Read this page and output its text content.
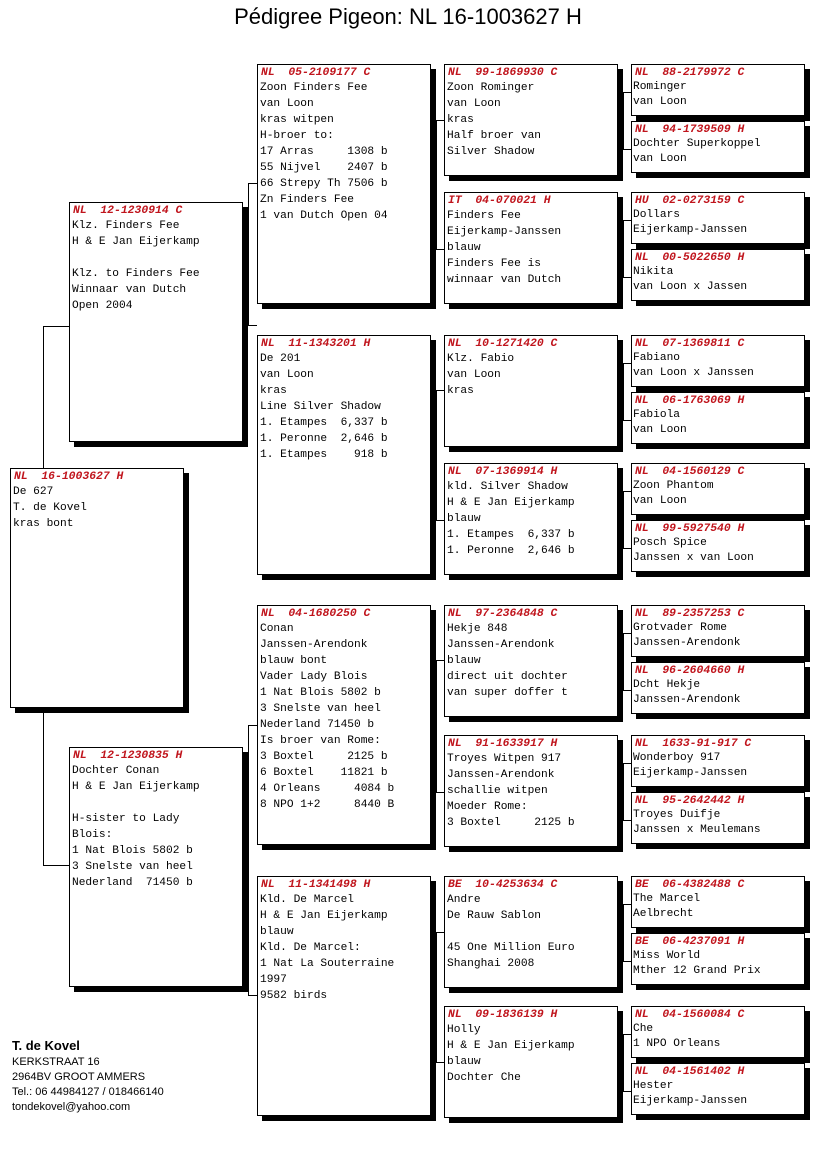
Pédigree Pigeon: NL 16-1003627 H
NL  16-1003627 H
De 627
T. de Kovel
kras bont
NL  12-1230914 C
Klz. Finders Fee
H & E Jan Eijerkamp

Klz. to Finders Fee
Winnaar van Dutch
Open 2004
NL  12-1230835 H
Dochter Conan
H & E Jan Eijerkamp

H-sister to Lady
Blois:
1 Nat Blois 5802 b
3 Snelste van heel
Nederland  71450 b
NL  05-2109177 C
Zoon Finders Fee
van Loon
kras witpen
H-broer to:
17 Arras     1308 b
55 Nijvel    2407 b
66 Strepy Th 7506 b
Zn Finders Fee
1 van Dutch Open 04
NL  11-1343201 H
De 201
van Loon
kras
Line Silver Shadow
1. Etampes  6,337 b
1. Peronne  2,646 b
1. Etampes    918 b
NL  04-1680250 C
Conan
Janssen-Arendonk
blauw bont
Vader Lady Blois
1 Nat Blois 5802 b
3 Snelste van heel
Nederland 71450 b
Is broer van Rome:
3 Boxtel     2125 b
6 Boxtel    11821 b
4 Orleans     4084 b
8 NPO 1+2     8440 B
NL  11-1341498 H
Kld. De Marcel
H & E Jan Eijerkamp
blauw
Kld. De Marcel:
1 Nat La Souterraine
1997
9582 birds
NL  99-1869930 C
Zoon Rominger
van Loon
kras
Half broer van
Silver Shadow
IT  04-070021 H
Finders Fee
Eijerkamp-Janssen
blauw
Finders Fee is
winnaar van Dutch
NL  10-1271420 C
Klz. Fabio
van Loon
kras
NL  07-1369914 H
kld. Silver Shadow
H & E Jan Eijerkamp
blauw
1. Etampes  6,337 b
1. Peronne  2,646 b
NL  97-2364848 C
Hekje 848
Janssen-Arendonk
blauw
direct uit dochter
van super doffer t
NL  91-1633917 H
Troyes Witpen 917
Janssen-Arendonk
schallie witpen
Moeder Rome:
3 Boxtel     2125 b
BE  10-4253634 C
Andre
De Rauw Sablon

45 One Million Euro
Shanghai 2008
NL  09-1836139 H
Holly
H & E Jan Eijerkamp
blauw
Dochter Che
NL  88-2179972 C
Rominger
van Loon
NL  94-1739509 H
Dochter Superkoppel
van Loon
HU  02-0273159 C
Dollars
Eijerkamp-Janssen
NL  00-5022650 H
Nikita
van Loon x Jassen
NL  07-1369811 C
Fabiano
van Loon x Janssen
NL  06-1763069 H
Fabiola
van Loon
NL  04-1560129 C
Zoon Phantom
van Loon
NL  99-5927540 H
Posch Spice
Janssen x van Loon
NL  89-2357253 C
Grotvader Rome
Janssen-Arendonk
NL  96-2604660 H
Dcht Hekje
Janssen-Arendonk
NL  1633-91-917 C
Wonderboy 917
Eijerkamp-Janssen
NL  95-2642442 H
Troyes Duifje
Janssen x Meulemans
BE  06-4382488 C
The Marcel
Aelbrecht
BE  06-4237091 H
Miss World
Mther 12 Grand Prix
NL  04-1560084 C
Che
1 NPO Orleans
NL  04-1561402 H
Hester
Eijerkamp-Janssen
T. de Kovel
KERKSTRAAT 16
2964BV GROOT AMMERS
Tel.: 06 44984127 / 018466140
tondekovel@yahoo.com
